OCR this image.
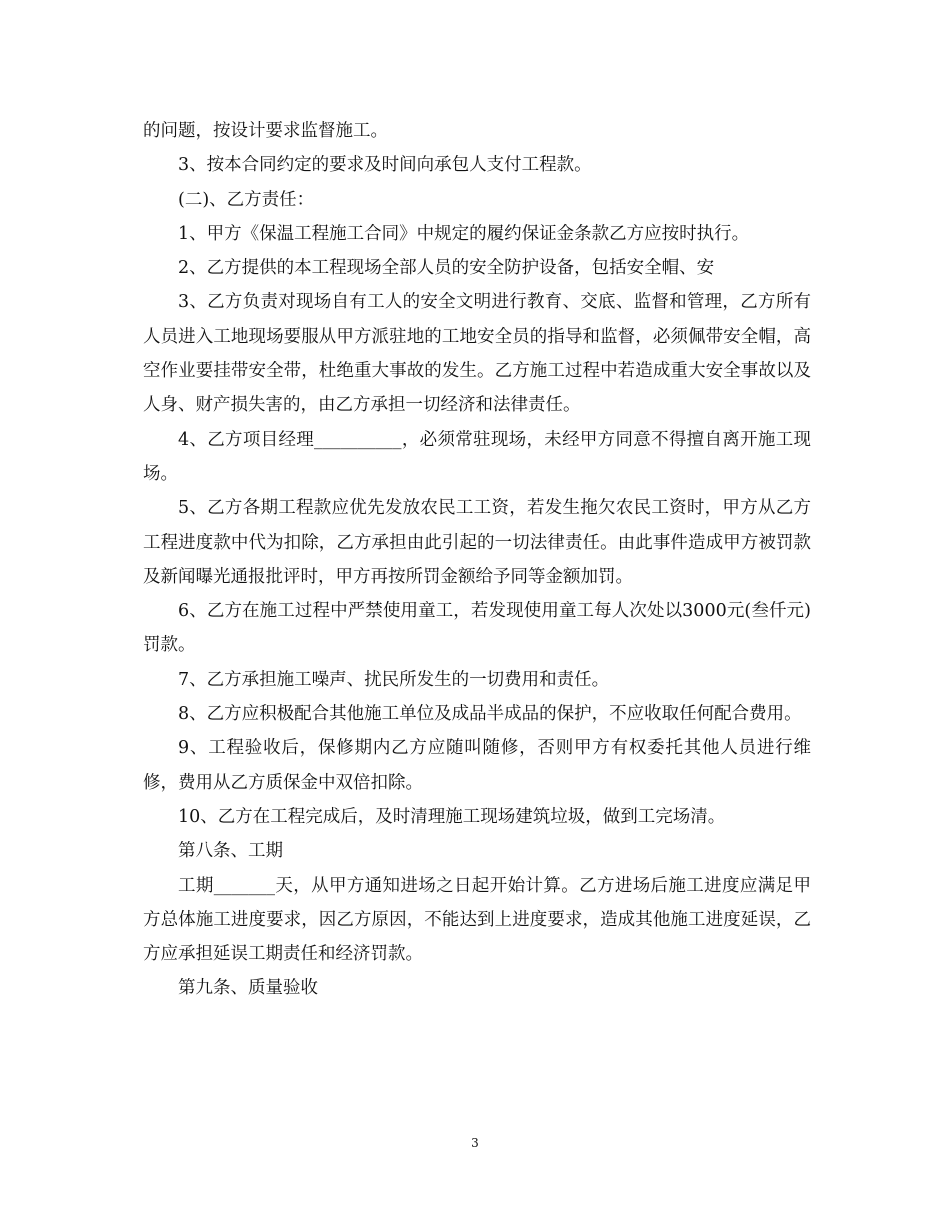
的问题，按设计要求监督施工。

3、按本合同约定的要求及时间向承包人支付工程款。

(二)、乙方责任：

1、甲方《保温工程施工合同》中规定的履约保证金条款乙方应按时执行。

2、乙方提供的本工程现场全部人员的安全防护设备，包括安全帽、安

3、乙方负责对现场自有工人的安全文明进行教育、交底、监督和管理，乙方所有人员进入工地现场要服从甲方派驻地的工地安全员的指导和监督，必须佩带安全帽，高空作业要挂带安全带，杜绝重大事故的发生。乙方施工过程中若造成重大安全事故以及人身、财产损失害的，由乙方承担一切经济和法律责任。

4、乙方项目经理__________，必须常驻现场，未经甲方同意不得擅自离开施工现场。

5、乙方各期工程款应优先发放农民工工资，若发生拖欠农民工资时，甲方从乙方工程进度款中代为扣除，乙方承担由此引起的一切法律责任。由此事件造成甲方被罚款及新闻曝光通报批评时，甲方再按所罚金额给予同等金额加罚。

6、乙方在施工过程中严禁使用童工，若发现使用童工每人次处以3000元(叁仟元)罚款。

7、乙方承担施工噪声、扰民所发生的一切费用和责任。

8、乙方应积极配合其他施工单位及成品半成品的保护，不应收取任何配合费用。

9、工程验收后，保修期内乙方应随叫随修，否则甲方有权委托其他人员进行维修，费用从乙方质保金中双倍扣除。

10、乙方在工程完成后，及时清理施工现场建筑垃圾，做到工完场清。

第八条、工期

工期_______天，从甲方通知进场之日起开始计算。乙方进场后施工进度应满足甲方总体施工进度要求，因乙方原因，不能达到上进度要求，造成其他施工进度延误，乙方应承担延误工期责任和经济罚款。

第九条、质量验收

3
